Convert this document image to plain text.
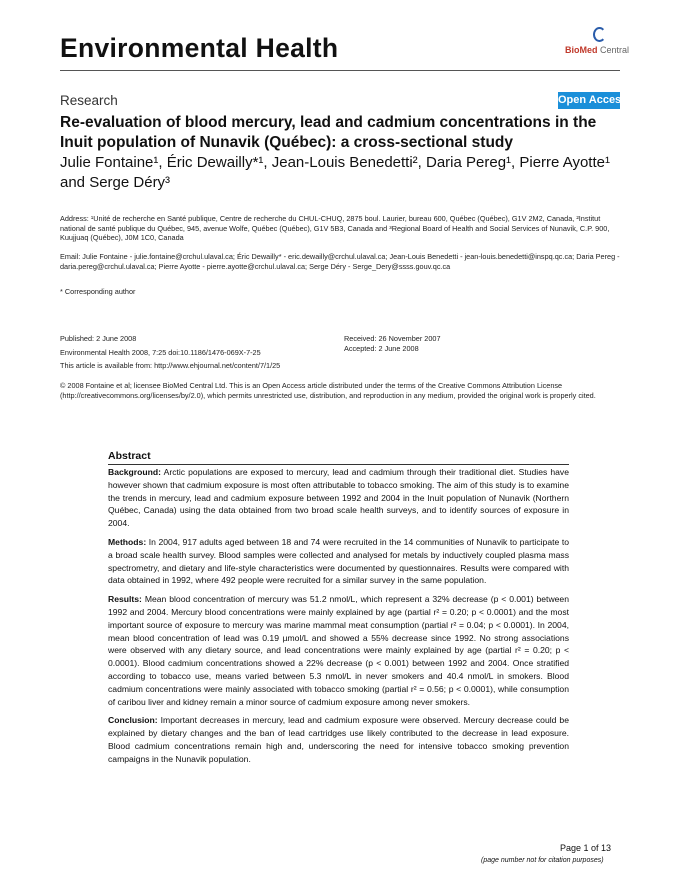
Environmental Health	BioMed Central
Research	Open Access
Re-evaluation of blood mercury, lead and cadmium concentrations in the Inuit population of Nunavik (Québec): a cross-sectional study
Julie Fontaine¹, Éric Dewailly*¹, Jean-Louis Benedetti², Daria Pereg¹, Pierre Ayotte¹ and Serge Déry³
Address: ¹Unité de recherche en Santé publique, Centre de recherche du CHUL-CHUQ, 2875 boul. Laurier, bureau 600, Québec (Québec), G1V 2M2, Canada, ²Institut national de santé publique du Québec, 945, avenue Wolfe, Québec (Québec), G1V 5B3, Canada and ³Regional Board of Health and Social Services of Nunavik, C.P. 900, Kuujjuaq (Québec), J0M 1C0, Canada
Email: Julie Fontaine - julie.fontaine@crchul.ulaval.ca; Éric Dewailly* - eric.dewailly@crchul.ulaval.ca; Jean-Louis Benedetti - jean-louis.benedetti@inspq.qc.ca; Daria Pereg - daria.pereg@crchul.ulaval.ca; Pierre Ayotte - pierre.ayotte@crchul.ulaval.ca; Serge Déry - Serge_Dery@ssss.gouv.qc.ca
* Corresponding author
Published: 2 June 2008
Environmental Health 2008, 7:25 doi:10.1186/1476-069X-7-25
This article is available from: http://www.ehjournal.net/content/7/1/25
Received: 26 November 2007
Accepted: 2 June 2008
© 2008 Fontaine et al; licensee BioMed Central Ltd. This is an Open Access article distributed under the terms of the Creative Commons Attribution License (http://creativecommons.org/licenses/by/2.0), which permits unrestricted use, distribution, and reproduction in any medium, provided the original work is properly cited.
Abstract

Background: Arctic populations are exposed to mercury, lead and cadmium through their traditional diet. Studies have however shown that cadmium exposure is most often attributable to tobacco smoking. The aim of this study is to examine the trends in mercury, lead and cadmium exposure between 1992 and 2004 in the Inuit population of Nunavik (Northern Québec, Canada) using the data obtained from two broad scale health surveys, and to identify sources of exposure in 2004.

Methods: In 2004, 917 adults aged between 18 and 74 were recruited in the 14 communities of Nunavik to participate to a broad scale health survey. Blood samples were collected and analysed for metals by inductively coupled plasma mass spectrometry, and dietary and life-style characteristics were documented by questionnaires. Results were compared with data obtained in 1992, where 492 people were recruited for a similar survey in the same population.

Results: Mean blood concentration of mercury was 51.2 nmol/L, which represent a 32% decrease (p < 0.001) between 1992 and 2004. Mercury blood concentrations were mainly explained by age (partial r² = 0.20; p < 0.0001) and the most important source of exposure to mercury was marine mammal meat consumption (partial r² = 0.04; p < 0.0001). In 2004, mean blood concentration of lead was 0.19 µmol/L and showed a 55% decrease since 1992. No strong associations were observed with any dietary source, and lead concentrations were mainly explained by age (partial r² = 0.20; p < 0.0001). Blood cadmium concentrations showed a 22% decrease (p < 0.001) between 1992 and 2004. Once stratified according to tobacco use, means varied between 5.3 nmol/L in never smokers and 40.4 nmol/L in smokers. Blood cadmium concentrations were mainly associated with tobacco smoking (partial r² = 0.56; p < 0.0001), while consumption of caribou liver and kidney remain a minor source of cadmium exposure among never smokers.

Conclusion: Important decreases in mercury, lead and cadmium exposure were observed. Mercury decrease could be explained by dietary changes and the ban of lead cartridges use likely contributed to the decrease in lead exposure. Blood cadmium concentrations remain high and, underscoring the need for intensive tobacco smoking prevention campaigns in the Nunavik population.

Page 1 of 13
(page number not for citation purposes)
